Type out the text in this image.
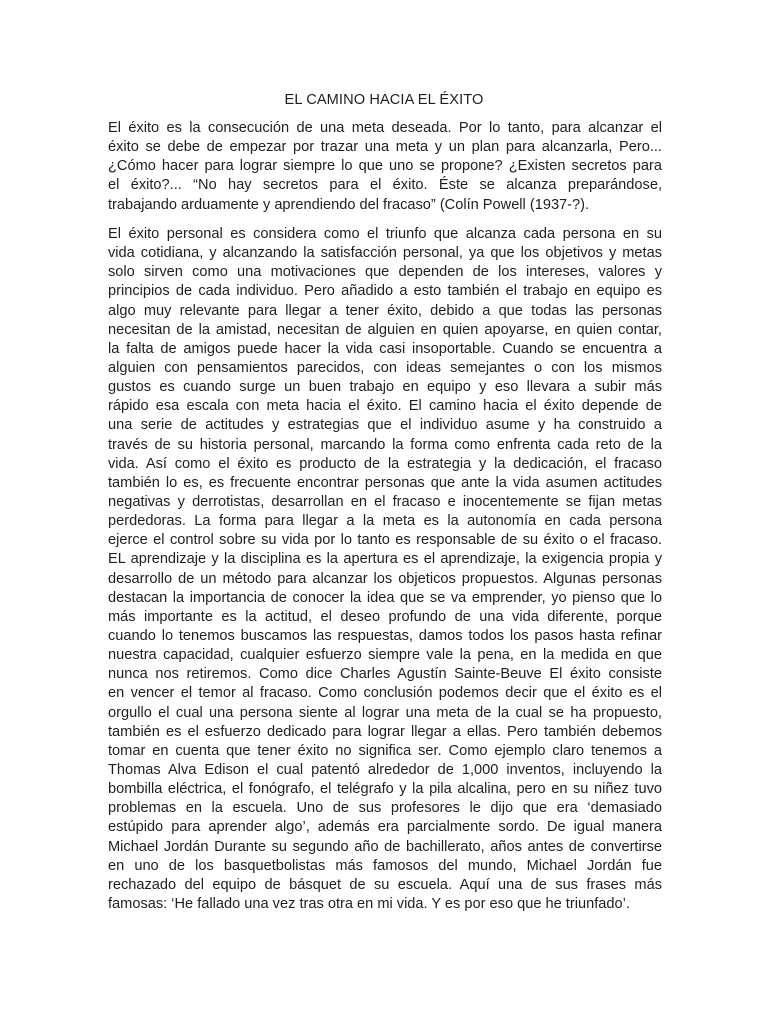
EL CAMINO HACIA EL ÉXITO
El éxito es la consecución de una meta deseada. Por lo tanto, para alcanzar el
éxito se debe de empezar por trazar una meta y un plan para alcanzarla, Pero...
¿Cómo hacer para lograr siempre lo que uno se propone? ¿Existen secretos para
el éxito?... “No hay secretos para el éxito. Éste se alcanza preparándose,
trabajando arduamente y aprendiendo del fracaso” (Colín Powell (1937-?).
El éxito personal es considera como el triunfo que alcanza cada persona en su
vida cotidiana, y alcanzando la satisfacción personal, ya que los objetivos y metas
solo sirven como una motivaciones que dependen de los intereses, valores y
principios de cada individuo. Pero añadido a esto también el trabajo en equipo es
algo muy relevante para llegar a tener éxito, debido a que todas las personas
necesitan de la amistad, necesitan de alguien en quien apoyarse, en quien contar,
la falta de amigos puede hacer la vida casi insoportable. Cuando se encuentra a
alguien con pensamientos parecidos, con ideas semejantes o con los mismos
gustos es cuando surge un buen trabajo en equipo y eso llevara a subir más
rápido esa escala con meta hacia el éxito. El camino hacia el éxito depende de
una serie de actitudes y estrategias que el individuo asume y ha construido a
través de su historia personal, marcando la forma como enfrenta cada reto de la
vida. Así como el éxito es producto de la estrategia y la dedicación, el fracaso
también lo es, es frecuente encontrar personas que ante la vida asumen actitudes
negativas y derrotistas, desarrollan en el fracaso e inocentemente se fijan metas
perdedoras. La forma para llegar a la meta es la autonomía en cada persona
ejerce el control sobre su vida por lo tanto es responsable de su éxito o el fracaso.
EL aprendizaje y la disciplina es la apertura es el aprendizaje, la exigencia propia y
desarrollo de un método para alcanzar los objeticos propuestos. Algunas personas
destacan la importancia de conocer la idea que se va emprender, yo pienso que lo
más importante es la actitud, el deseo profundo de una vida diferente, porque
cuando lo tenemos buscamos las respuestas, damos todos los pasos hasta refinar
nuestra capacidad, cualquier esfuerzo siempre vale la pena, en la medida en que
nunca nos retiremos. Como dice Charles Agustín Sainte-Beuve El éxito consiste
en vencer el temor al fracaso. Como conclusión podemos decir que el éxito es el
orgullo el cual una persona siente al lograr una meta de la cual se ha propuesto,
también es el esfuerzo dedicado para lograr llegar a ellas. Pero también debemos
tomar en cuenta que tener éxito no significa ser. Como ejemplo claro tenemos a
Thomas Alva Edison el cual patentó alrededor de 1,000 inventos, incluyendo la
bombilla eléctrica, el fonógrafo, el telégrafo y la pila alcalina, pero en su niñez tuvo
problemas en la escuela. Uno de sus profesores le dijo que era ‘demasiado
estúpido para aprender algo’, además era parcialmente sordo. De igual manera
Michael Jordán Durante su segundo año de bachillerato, años antes de convertirse
en uno de los basquetbolistas más famosos del mundo, Michael Jordán fue
rechazado del equipo de básquet de su escuela. Aquí una de sus frases más
famosas: ‘He fallado una vez tras otra en mi vida. Y es por eso que he triunfado’.
